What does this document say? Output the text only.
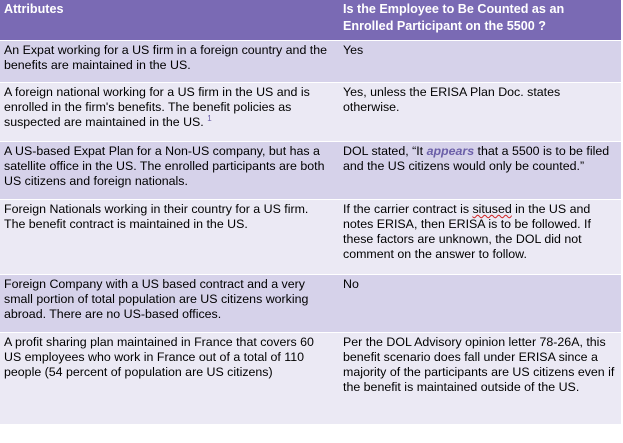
Attributes	Is the Employee to Be Counted as an Enrolled Participant on the 5500 ?
An Expat working for a US firm in a foreign country and the benefits are maintained in the US.	Yes
A foreign national working for a US firm in the US and is enrolled in the firm's benefits. The benefit policies as suspected are maintained in the US. $^1$	Yes, unless the ERISA Plan Doc. states otherwise.
A US-based Expat Plan for a Non-US company, but has a satellite office in the US. The enrolled participants are both US citizens and foreign nationals.	DOL stated, “It appears that a 5500 is to be filed and the US citizens would only be counted.”
Foreign Nationals working in their country for a US firm. The benefit contract is maintained in the US.	If the carrier contract is sitused in the US and notes ERISA, then ERISA is to be followed. If these factors are unknown, the DOL did not comment on the answer to follow.
Foreign Company with a US based contract and a very small portion of total population are US citizens working abroad. There are no US-based offices.	No
A profit sharing plan maintained in France that covers 60 US employees who work in France out of a total of 110 people (54 percent of population are US citizens)	Per the DOL Advisory opinion letter 78-26A, this benefit scenario does fall under ERISA since a majority of the participants are US citizens even if the benefit is maintained outside of the US.
